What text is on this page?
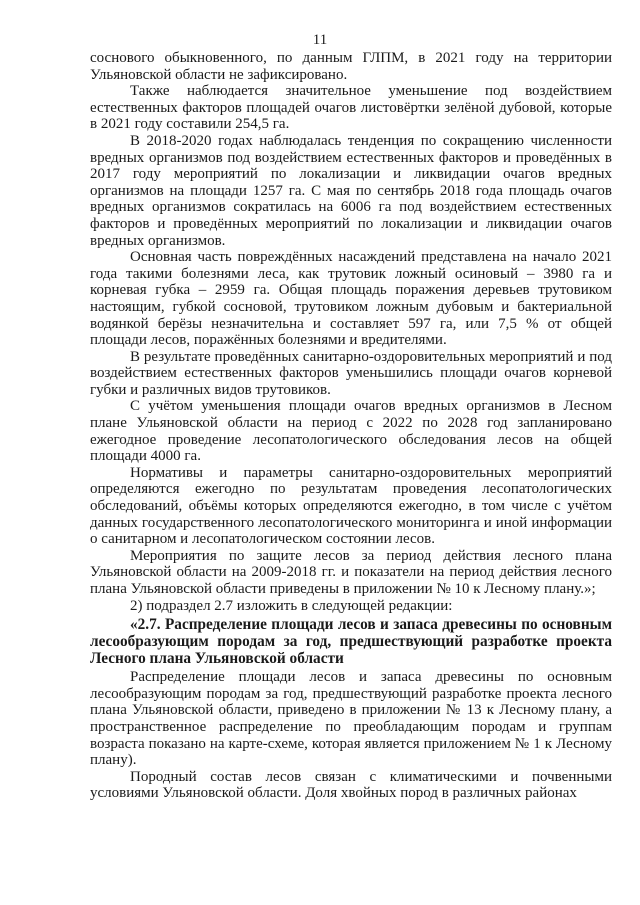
11

соснового обыкновенного, по данным ГЛПМ, в 2021 году на территории Ульяновской области не зафиксировано.

Также наблюдается значительное уменьшение под воздействием естественных факторов площадей очагов листовёртки зелёной дубовой, которые в 2021 году составили 254,5 га.

В 2018-2020 годах наблюдалась тенденция по сокращению численности вредных организмов под воздействием естественных факторов и проведённых в 2017 году мероприятий по локализации и ликвидации очагов вредных организмов на площади 1257 га. С мая по сентябрь 2018 года площадь очагов вредных организмов сократилась на 6006 га под воздействием естественных факторов и проведённых мероприятий по локализации и ликвидации очагов вредных организмов.

Основная часть повреждённых насаждений представлена на начало 2021 года такими болезнями леса, как трутовик ложный осиновый – 3980 га и корневая губка – 2959 га. Общая площадь поражения деревьев трутовиком настоящим, губкой сосновой, трутовиком ложным дубовым и бактериальной водянкой берёзы незначительна и составляет 597 га, или 7,5 % от общей площади лесов, поражённых болезнями и вредителями.

В результате проведённых санитарно-оздоровительных мероприятий и под воздействием естественных факторов уменьшились площади очагов корневой губки и различных видов трутовиков.

С учётом уменьшения площади очагов вредных организмов в Лесном плане Ульяновской области на период с 2022 по 2028 год запланировано ежегодное проведение лесопатологического обследования лесов на общей площади 4000 га.

Нормативы и параметры санитарно-оздоровительных мероприятий определяются ежегодно по результатам проведения лесопатологических обследований, объёмы которых определяются ежегодно, в том числе с учётом данных государственного лесопатологического мониторинга и иной информации о санитарном и лесопатологическом состоянии лесов.

Мероприятия по защите лесов за период действия лесного плана Ульяновской области на 2009-2018 гг. и показатели на период действия лесного плана Ульяновской области приведены в приложении № 10 к Лесному плану.»;

2) подраздел 2.7 изложить в следующей редакции:

«2.7. Распределение площади лесов и запаса древесины по основным лесообразующим породам за год, предшествующий разработке проекта Лесного плана Ульяновской области

Распределение площади лесов и запаса древесины по основным лесообразующим породам за год, предшествующий разработке проекта лесного плана Ульяновской области, приведено в приложении № 13 к Лесному плану, а пространственное распределение по преобладающим породам и группам возраста показано на карте-схеме, которая является приложением № 1 к Лесному плану).

Породный состав лесов связан с климатическими и почвенными условиями Ульяновской области. Доля хвойных пород в различных районах
